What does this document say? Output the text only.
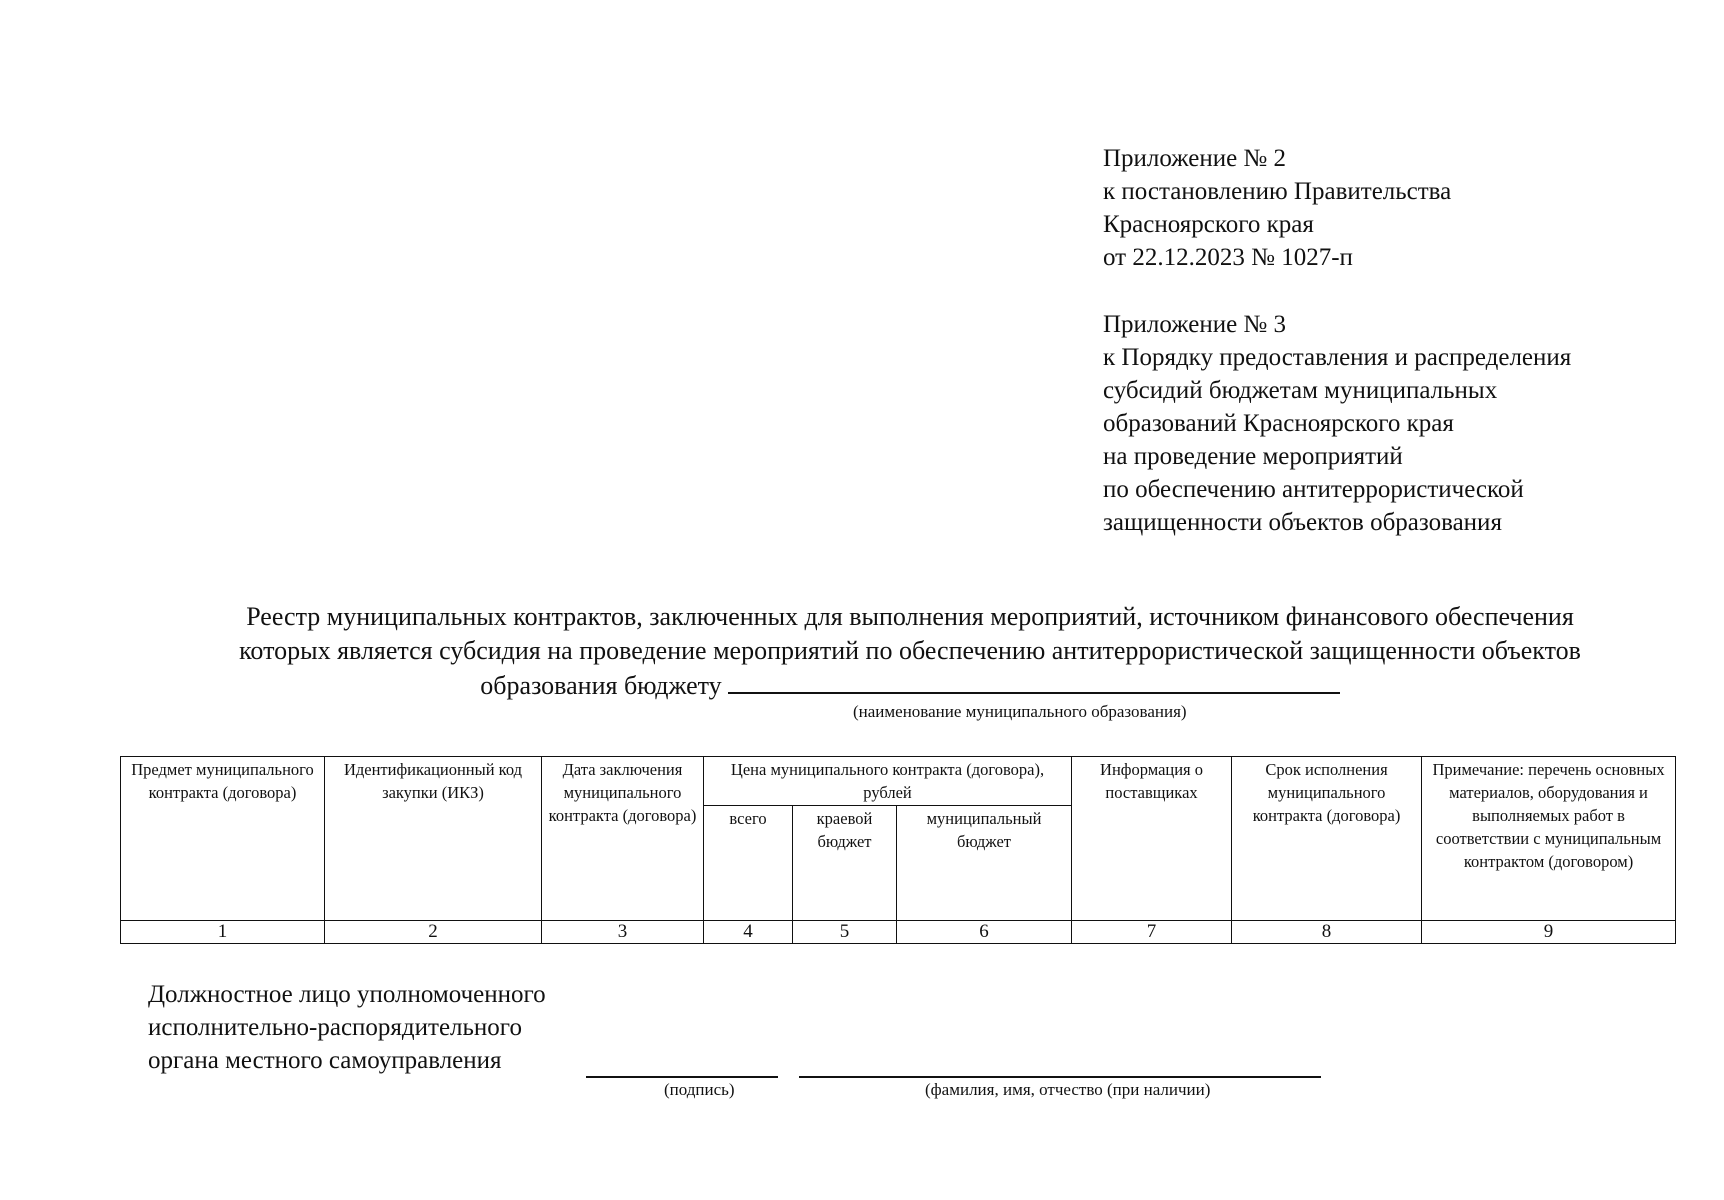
Приложение № 2
к постановлению Правительства
Красноярского края
от 22.12.2023 № 1027-п
Приложение № 3
к Порядку предоставления и распределения
субсидий бюджетам муниципальных
образований Красноярского края
на проведение мероприятий
по обеспечению антитеррористической
защищенности объектов образования
Реестр муниципальных контрактов, заключенных для выполнения мероприятий, источником финансового обеспечения
которых является субсидия на проведение мероприятий по обеспечению антитеррористической защищенности объектов
образования бюджету
(наименование муниципального образования)
Предмет муниципального контракта (договора)	Идентификационный код закупки (ИКЗ)	Дата заключения муниципального контракта (договора)	Цена муниципального контракта (договора), рублей			Информация о поставщиках	Срок исполнения муниципального контракта (договора)	Примечание: перечень основных материалов, оборудования и выполняемых работ в соответствии с муниципальным контрактом (договором)
			всего	краевой бюджет	муниципальный бюджет			
1	2	3	4	5	6	7	8	9
Должностное лицо уполномоченного
исполнительно-распорядительного
органа местного самоуправления
(подпись)	(фамилия, имя, отчество (при наличии)
